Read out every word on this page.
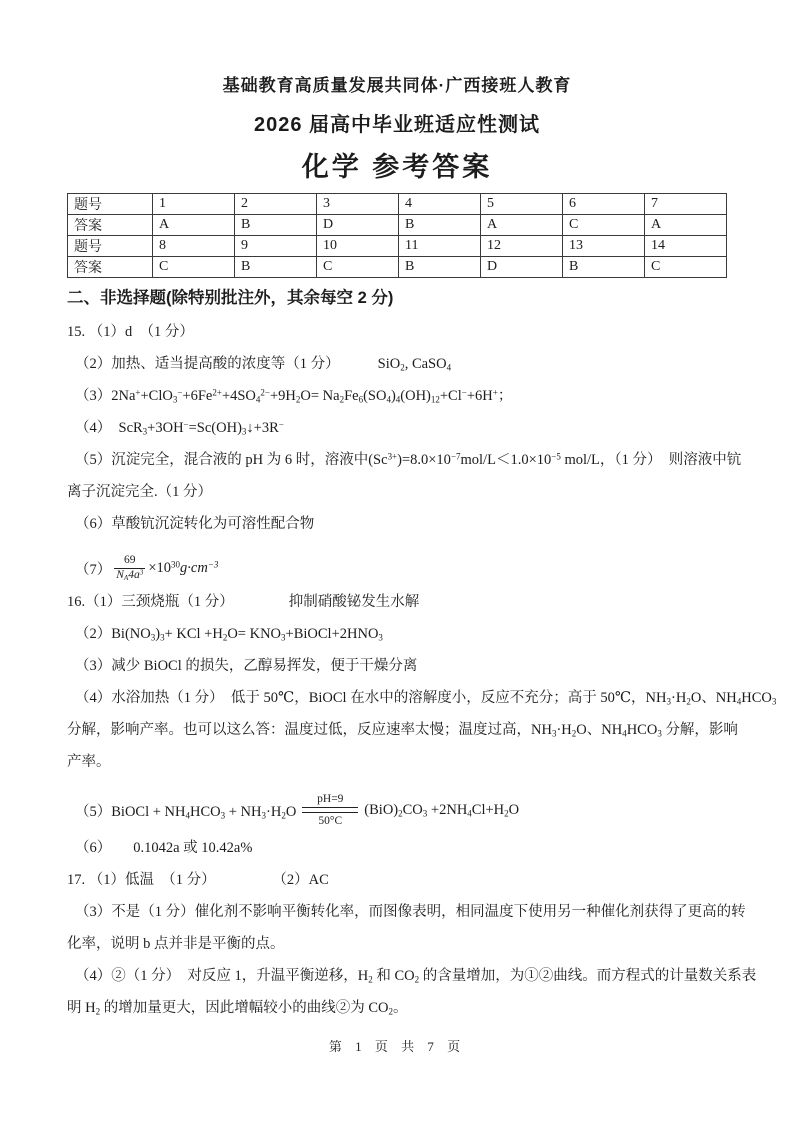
基础教育高质量发展共同体·广西接班人教育
2026 届高中毕业班适应性测试
化学 参考答案
题号	1	2	3	4	5	6	7
答案	A	B	D	B	A	C	A
题号	8	9	10	11	12	13	14
答案	C	B	C	B	D	B	C
二、非选择题(除特别批注外，其余每空 2 分)
15. （1）d　（1 分）
（2）加热、适当提高酸的浓度等（1 分）	SiO$_2$, CaSO$_4$
$(3)2Na^++ClO_3^-+6Fe^{2+}+4SO_4^{2-}+9H_2O= Na_2Fe_6(SO_4)_4(OH)_{12}+Cl^-+6H^+$；
（4）　$ScR_3+3OH^-=Sc(OH)_3↓+3R^-$
（5）沉淀完全，混合液的 pH 为 6 时，溶液中$(Sc^{3+})=8.0\times 10^{-7}mol/L<1.0\times 10^{-5}$ mol/L，（1 分）　则溶液中钪
离子沉淀完全.（1 分）
（6）草酸钪沉淀转化为可溶性配合物
$(7) \frac{69}{N_A4a^3} \times 10^{30}$ $g\cdot cm^{-3}$
16.（1）三颈烧瓶（1 分）	抑制硝酸铋发生水解
$(2)Bi(NO_3)_3+$ KCl $+H_2O=$ $KNO_3+BiOCl+2HNO_3$
（3）减少 BiOCl 的损失，乙醇易挥发，便于干燥分离
（4）水浴加热（1 分）　低于 50℃，BiOCl 在水中的溶解度小，反应不充分；高于 50℃，$NH_3\cdot H_2O$、$NH_4HCO_3$
分解，影响产率。也可以这么答：温度过低，反应速率太慢；温度过高，$NH_3\cdot H_2O$、$NH_4HCO_3$ 分解，影响
产率。
（5）BiOCl + $NH_4HCO_3 + NH_3\cdot H_2O$
pH=9
50°C
$(BiO)_2CO_3 +2NH_4Cl+H_2O$
（6） 0.1042a 或 10.42a%
17. （1）低温　（1 分）	（2）AC
（3）不是（1 分）催化剂不影响平衡转化率，而图像表明，相同温度下使用另一种催化剂获得了更高的转
化率，说明 b 点并非是平衡的点。
（4）②（1 分）　对反应 1，升温平衡逆移，$H_2$ 和 $CO_2$ 的含量增加，为①②曲线。而方程式的计量数关系表
明 $H_2$ 的增加量更大，因此增幅较小的曲线②为 $CO_2$。
第 1 页 共 7 页
